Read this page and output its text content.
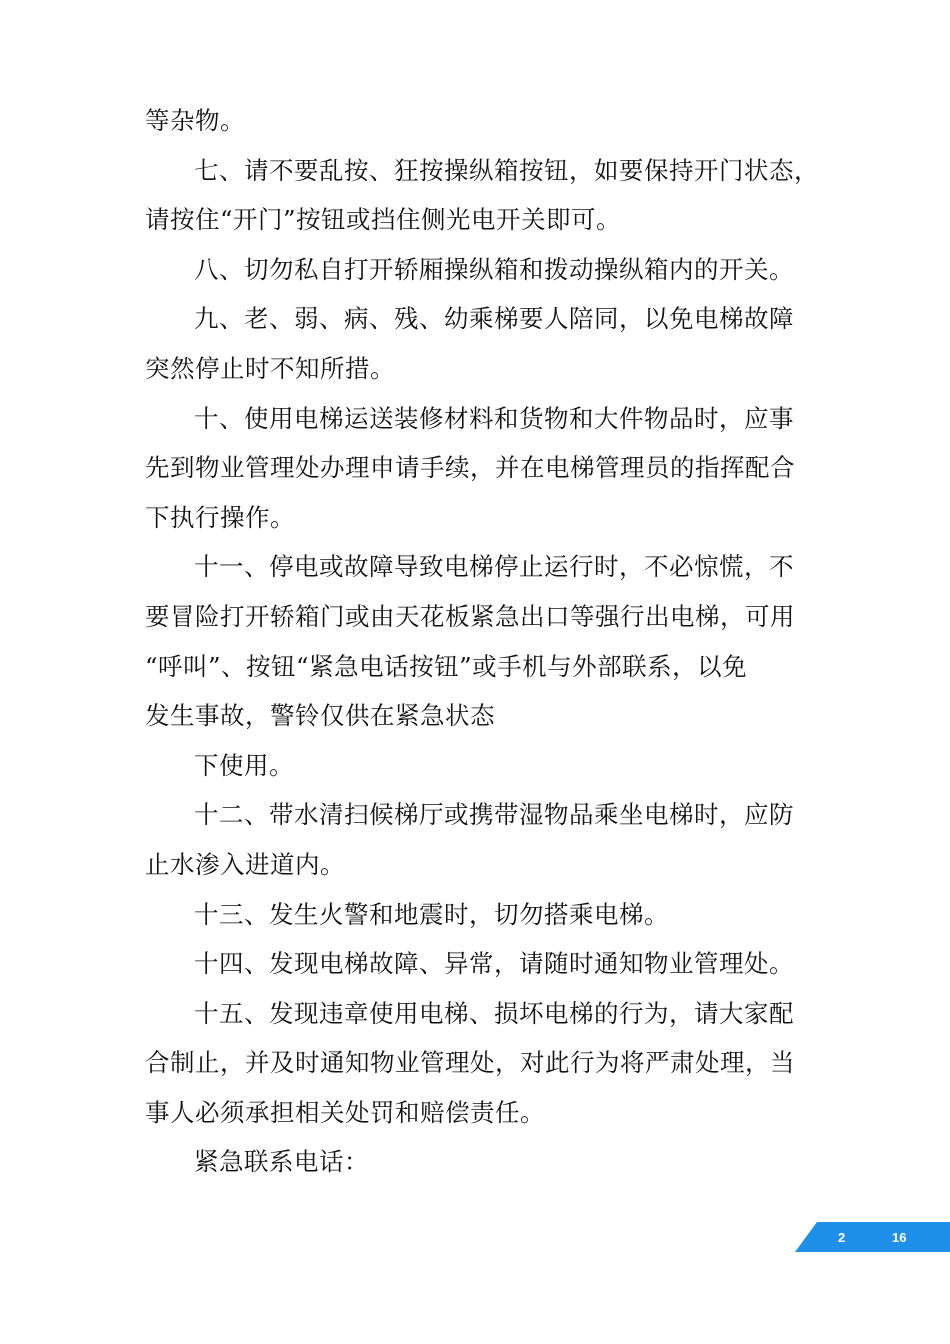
等杂物。

七、请不要乱按、狂按操纵箱按钮，如要保持开门状态，

请按住“开门”按钮或挡住侧光电开关即可。

八、切勿私自打开轿厢操纵箱和拨动操纵箱内的开关。

九、老、弱、病、残、幼乘梯要人陪同，以免电梯故障

突然停止时不知所措。

十、使用电梯运送装修材料和货物和大件物品时，应事

先到物业管理处办理申请手续，并在电梯管理员的指挥配合

下执行操作。

十一、停电或故障导致电梯停止运行时，不必惊慌，不

要冒险打开轿箱门或由天花板紧急出口等强行出电梯，可用

“呼叫”、按钮“紧急电话按钮”或手机与外部联系，以免

发生事故，警铃仅供在紧急状态

下使用。

十二、带水清扫候梯厅或携带湿物品乘坐电梯时，应防

止水渗入进道内。

十三、发生火警和地震时，切勿搭乘电梯。

十四、发现电梯故障、异常，请随时通知物业管理处。

十五、发现违章使用电梯、损坏电梯的行为，请大家配

合制止，并及时通知物业管理处，对此行为将严肃处理，当

事人必须承担相关处罚和赔偿责任。

紧急联系电话：

2	16
